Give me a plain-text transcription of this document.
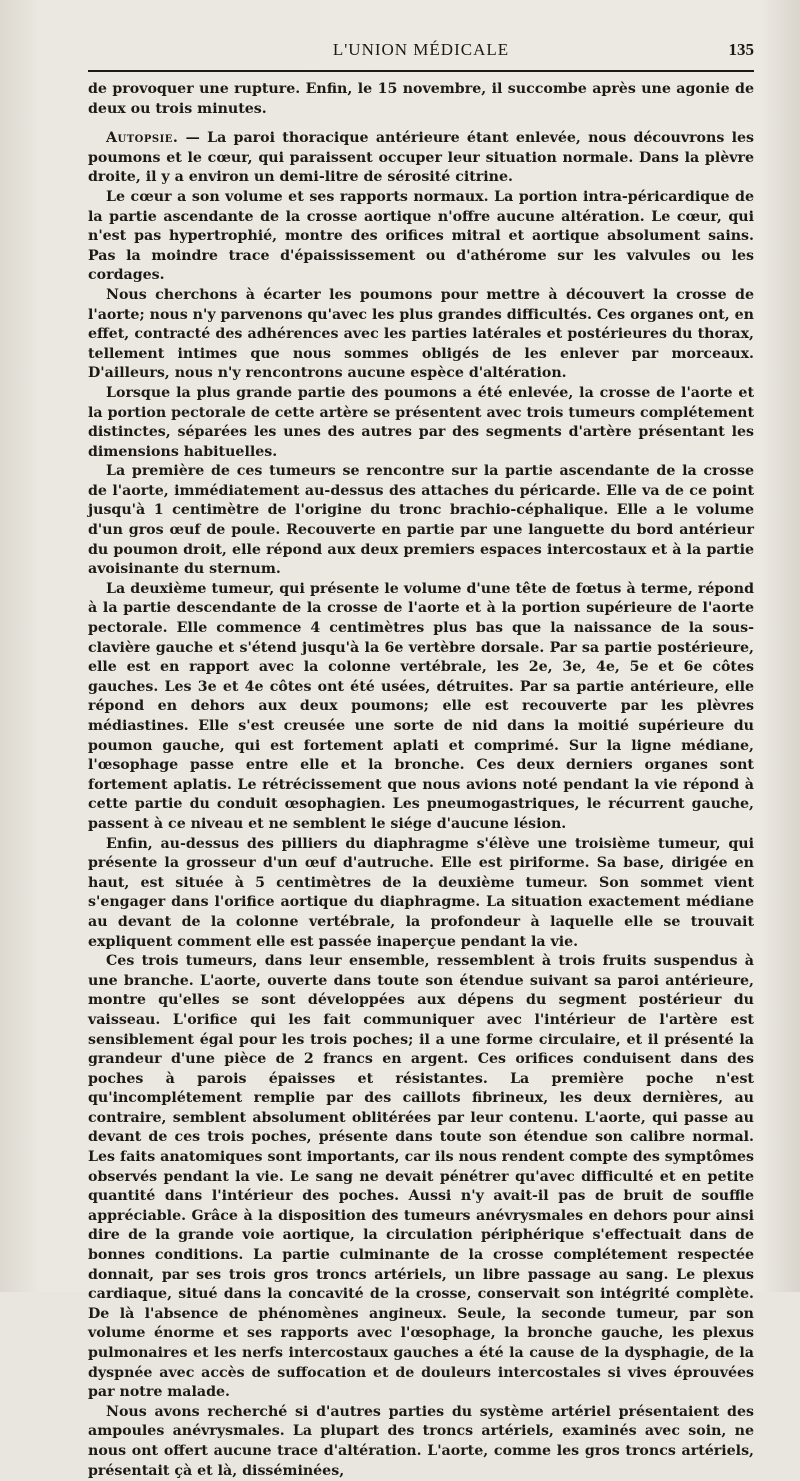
L'UNION MÉDICALE	135

de provoquer une rupture. Enfin, le 15 novembre, il succombe après une agonie de deux ou trois minutes.

Autopsie. — La paroi thoracique antérieure étant enlevée, nous découvrons les poumons et le cœur, qui paraissent occuper leur situation normale. Dans la plèvre droite, il y a environ un demi-litre de sérosité citrine.

Le cœur a son volume et ses rapports normaux. La portion intra-péricardique de la partie ascendante de la crosse aortique n'offre aucune altération. Le cœur, qui n'est pas hypertrophié, montre des orifices mitral et aortique absolument sains. Pas la moindre trace d'épaississement ou d'athérome sur les valvules ou les cordages.

Nous cherchons à écarter les poumons pour mettre à découvert la crosse de l'aorte; nous n'y parvenons qu'avec les plus grandes difficultés. Ces organes ont, en effet, contracté des adhérences avec les parties latérales et postérieures du thorax, tellement intimes que nous sommes obligés de les enlever par morceaux. D'ailleurs, nous n'y rencontrons aucune espèce d'altération.

Lorsque la plus grande partie des poumons a été enlevée, la crosse de l'aorte et la portion pectorale de cette artère se présentent avec trois tumeurs complétement distinctes, séparées les unes des autres par des segments d'artère présentant les dimensions habituelles.

La première de ces tumeurs se rencontre sur la partie ascendante de la crosse de l'aorte, immédiatement au-dessus des attaches du péricarde. Elle va de ce point jusqu'à 1 centimètre de l'origine du tronc brachio-céphalique. Elle a le volume d'un gros œuf de poule. Recouverte en partie par une languette du bord antérieur du poumon droit, elle répond aux deux premiers espaces intercostaux et à la partie avoisinante du sternum.

La deuxième tumeur, qui présente le volume d'une tête de fœtus à terme, répond à la partie descendante de la crosse de l'aorte et à la portion supérieure de l'aorte pectorale. Elle commence 4 centimètres plus bas que la naissance de la sous-clavière gauche et s'étend jusqu'à la 6e vertèbre dorsale. Par sa partie postérieure, elle est en rapport avec la colonne vertébrale, les 2e, 3e, 4e, 5e et 6e côtes gauches. Les 3e et 4e côtes ont été usées, détruites. Par sa partie antérieure, elle répond en dehors aux deux poumons; elle est recouverte par les plèvres médiastines. Elle s'est creusée une sorte de nid dans la moitié supérieure du poumon gauche, qui est fortement aplati et comprimé. Sur la ligne médiane, l'œsophage passe entre elle et la bronche. Ces deux derniers organes sont fortement aplatis. Le rétrécissement que nous avions noté pendant la vie répond à cette partie du conduit œsophagien. Les pneumogastriques, le récurrent gauche, passent à ce niveau et ne semblent le siége d'aucune lésion.

Enfin, au-dessus des pilliers du diaphragme s'élève une troisième tumeur, qui présente la grosseur d'un œuf d'autruche. Elle est piriforme. Sa base, dirigée en haut, est située à 5 centimètres de la deuxième tumeur. Son sommet vient s'engager dans l'orifice aortique du diaphragme. La situation exactement médiane au devant de la colonne vertébrale, la profondeur à laquelle elle se trouvait expliquent comment elle est passée inaperçue pendant la vie.

Ces trois tumeurs, dans leur ensemble, ressemblent à trois fruits suspendus à une branche. L'aorte, ouverte dans toute son étendue suivant sa paroi antérieure, montre qu'elles se sont développées aux dépens du segment postérieur du vaisseau. L'orifice qui les fait communiquer avec l'intérieur de l'artère est sensiblement égal pour les trois poches; il a une forme circulaire, et il présenté la grandeur d'une pièce de 2 francs en argent. Ces orifices conduisent dans des poches à parois épaisses et résistantes. La première poche n'est qu'incomplétement remplie par des caillots fibrineux, les deux dernières, au contraire, semblent absolument oblitérées par leur contenu. L'aorte, qui passe au devant de ces trois poches, présente dans toute son étendue son calibre normal. Les faits anatomiques sont importants, car ils nous rendent compte des symptômes observés pendant la vie. Le sang ne devait pénétrer qu'avec difficulté et en petite quantité dans l'intérieur des poches. Aussi n'y avait-il pas de bruit de souffle appréciable. Grâce à la disposition des tumeurs anévrysmales en dehors pour ainsi dire de la grande voie aortique, la circulation périphérique s'effectuait dans de bonnes conditions. La partie culminante de la crosse complétement respectée donnait, par ses trois gros troncs artériels, un libre passage au sang. Le plexus cardiaque, situé dans la concavité de la crosse, conservait son intégrité complète. De là l'absence de phénomènes angineux. Seule, la seconde tumeur, par son volume énorme et ses rapports avec l'œsophage, la bronche gauche, les plexus pulmonaires et les nerfs intercostaux gauches a été la cause de la dysphagie, de la dyspnée avec accès de suffocation et de douleurs intercostales si vives éprouvées par notre malade.

Nous avons recherché si d'autres parties du système artériel présentaient des ampoules anévrysmales. La plupart des troncs artériels, examinés avec soin, ne nous ont offert aucune trace d'altération. L'aorte, comme les gros troncs artériels, présentait çà et là, disséminées,
